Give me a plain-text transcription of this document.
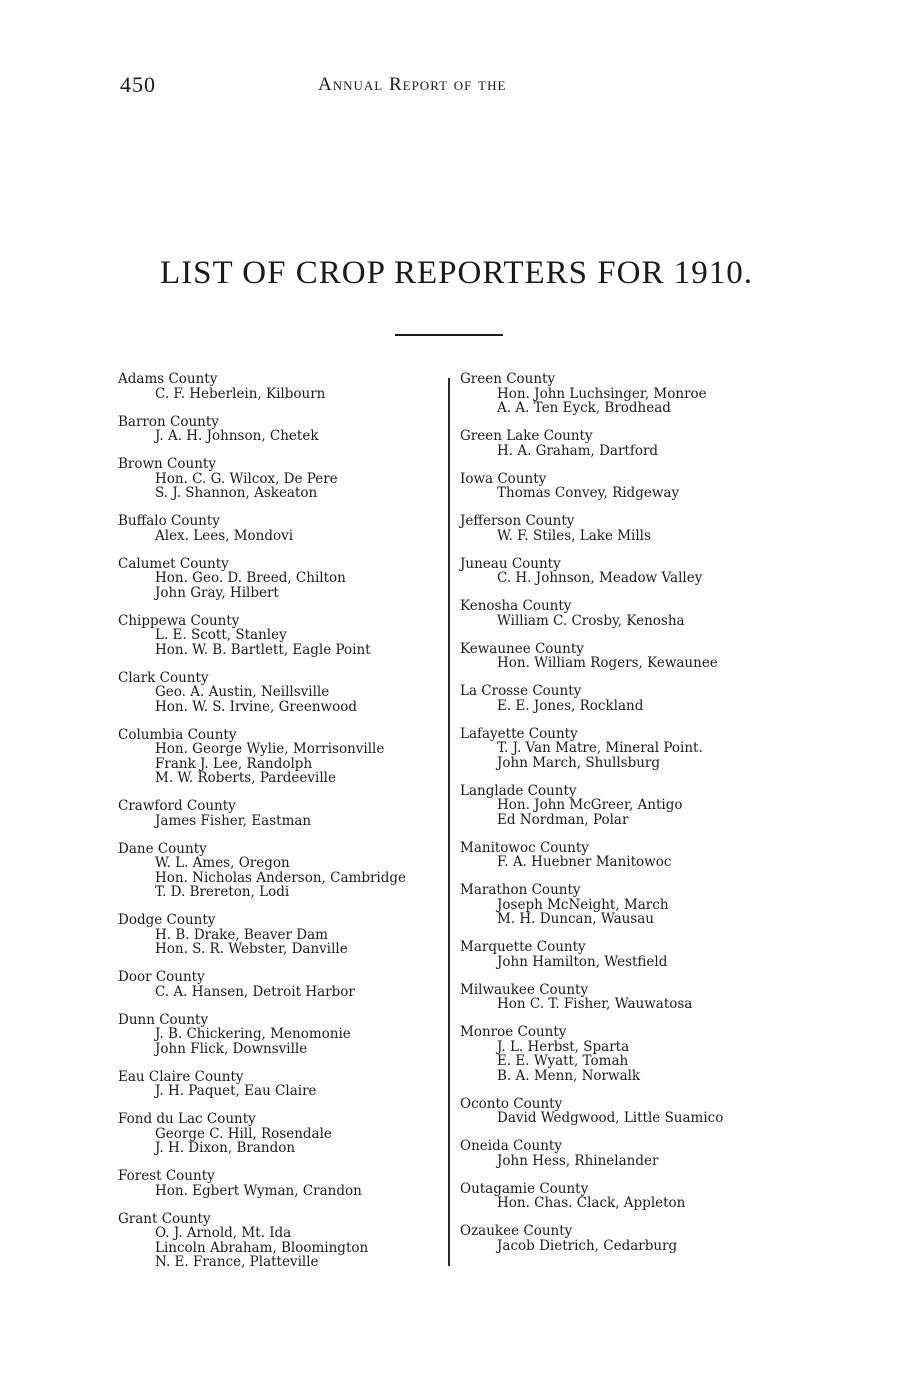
450	Annual Report of the
LIST OF CROP REPORTERS FOR 1910.
Adams County
C. F. Heberlein, Kilbourn
Barron County
J. A. H. Johnson, Chetek
Brown County
Hon. C. G. Wilcox, De Pere
S. J. Shannon, Askeaton
Buffalo County
Alex. Lees, Mondovi
Calumet County
Hon. Geo. D. Breed, Chilton
John Gray, Hilbert
Chippewa County
L. E. Scott, Stanley
Hon. W. B. Bartlett, Eagle Point
Clark County
Geo. A. Austin, Neillsville
Hon. W. S. Irvine, Greenwood
Columbia County
Hon. George Wylie, Morrisonville
Frank J. Lee, Randolph
M. W. Roberts, Pardeeville
Crawford County
James Fisher, Eastman
Dane County
W. L. Ames, Oregon
Hon. Nicholas Anderson, Cambridge
T. D. Brereton, Lodi
Dodge County
H. B. Drake, Beaver Dam
Hon. S. R. Webster, Danville
Door County
C. A. Hansen, Detroit Harbor
Dunn County
J. B. Chickering, Menomonie
John Flick, Downsville
Eau Claire County
J. H. Paquet, Eau Claire
Fond du Lac County
George C. Hill, Rosendale
J. H. Dixon, Brandon
Forest County
Hon. Egbert Wyman, Crandon
Grant County
O. J. Arnold, Mt. Ida
Lincoln Abraham, Bloomington
N. E. France, Platteville
Green County
Hon. John Luchsinger, Monroe
A. A. Ten Eyck, Brodhead
Green Lake County
H. A. Graham, Dartford
Iowa County
Thomas Convey, Ridgeway
Jefferson County
W. F. Stiles, Lake Mills
Juneau County
C. H. Johnson, Meadow Valley
Kenosha County
William C. Crosby, Kenosha
Kewaunee County
Hon. William Rogers, Kewaunee
La Crosse County
E. E. Jones, Rockland
Lafayette County
T. J. Van Matre, Mineral Point.
John March, Shullsburg
Langlade County
Hon. John McGreer, Antigo
Ed Nordman, Polar
Manitowoc County
F. A. Huebner Manitowoc
Marathon County
Joseph McNeight, March
M. H. Duncan, Wausau
Marquette County
John Hamilton, Westfield
Milwaukee County
Hon C. T. Fisher, Wauwatosa
Monroe County
J. L. Herbst, Sparta
E. E. Wyatt, Tomah
B. A. Menn, Norwalk
Oconto County
David Wedgwood, Little Suamico
Oneida County
John Hess, Rhinelander
Outagamie County
Hon. Chas. Clack, Appleton
Ozaukee County
Jacob Dietrich, Cedarburg
